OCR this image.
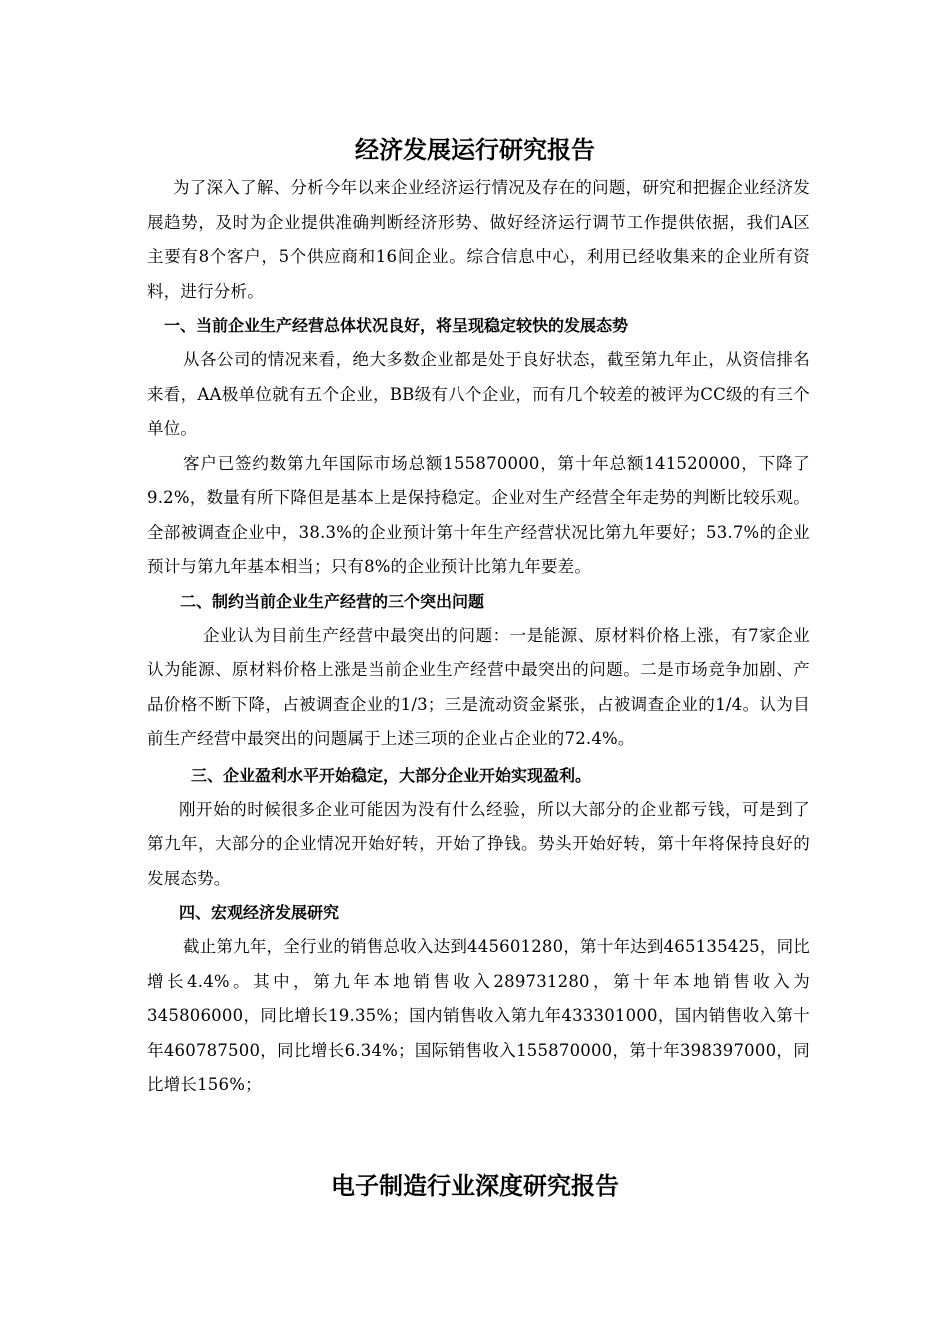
经济发展运行研究报告

为了深入了解、分析今年以来企业经济运行情况及存在的问题，研究和把握企业经济发展趋势，及时为企业提供准确判断经济形势、做好经济运行调节工作提供依据，我们A区主要有8个客户，5个供应商和16间企业。综合信息中心，利用已经收集来的企业所有资料，进行分析。

一、当前企业生产经营总体状况良好，将呈现稳定较快的发展态势

从各公司的情况来看，绝大多数企业都是处于良好状态，截至第九年止，从资信排名来看，AA极单位就有五个企业，BB级有八个企业，而有几个较差的被评为CC级的有三个单位。

客户已签约数第九年国际市场总额155870000，第十年总额141520000，下降了9.2%，数量有所下降但是基本上是保持稳定。企业对生产经营全年走势的判断比较乐观。全部被调查企业中，38.3%的企业预计第十年生产经营状况比第九年要好；53.7%的企业预计与第九年基本相当；只有8%的企业预计比第九年要差。

二、制约当前企业生产经营的三个突出问题

企业认为目前生产经营中最突出的问题：一是能源、原材料价格上涨，有7家企业认为能源、原材料价格上涨是当前企业生产经营中最突出的问题。二是市场竞争加剧、产品价格不断下降，占被调查企业的1/3；三是流动资金紧张，占被调查企业的1/4。认为目前生产经营中最突出的问题属于上述三项的企业占企业的72.4%。

三、企业盈利水平开始稳定，大部分企业开始实现盈利。

刚开始的时候很多企业可能因为没有什么经验，所以大部分的企业都亏钱，可是到了第九年，大部分的企业情况开始好转，开始了挣钱。势头开始好转，第十年将保持良好的发展态势。

四、宏观经济发展研究

截止第九年，全行业的销售总收入达到445601280，第十年达到465135425，同比增长4.4%。其中，第九年本地销售收入289731280，第十年本地销售收入为345806000，同比增长19.35%；国内销售收入第九年433301000，国内销售收入第十年460787500，同比增长6.34%；国际销售收入155870000，第十年398397000，同比增长156%；

电子制造行业深度研究报告
